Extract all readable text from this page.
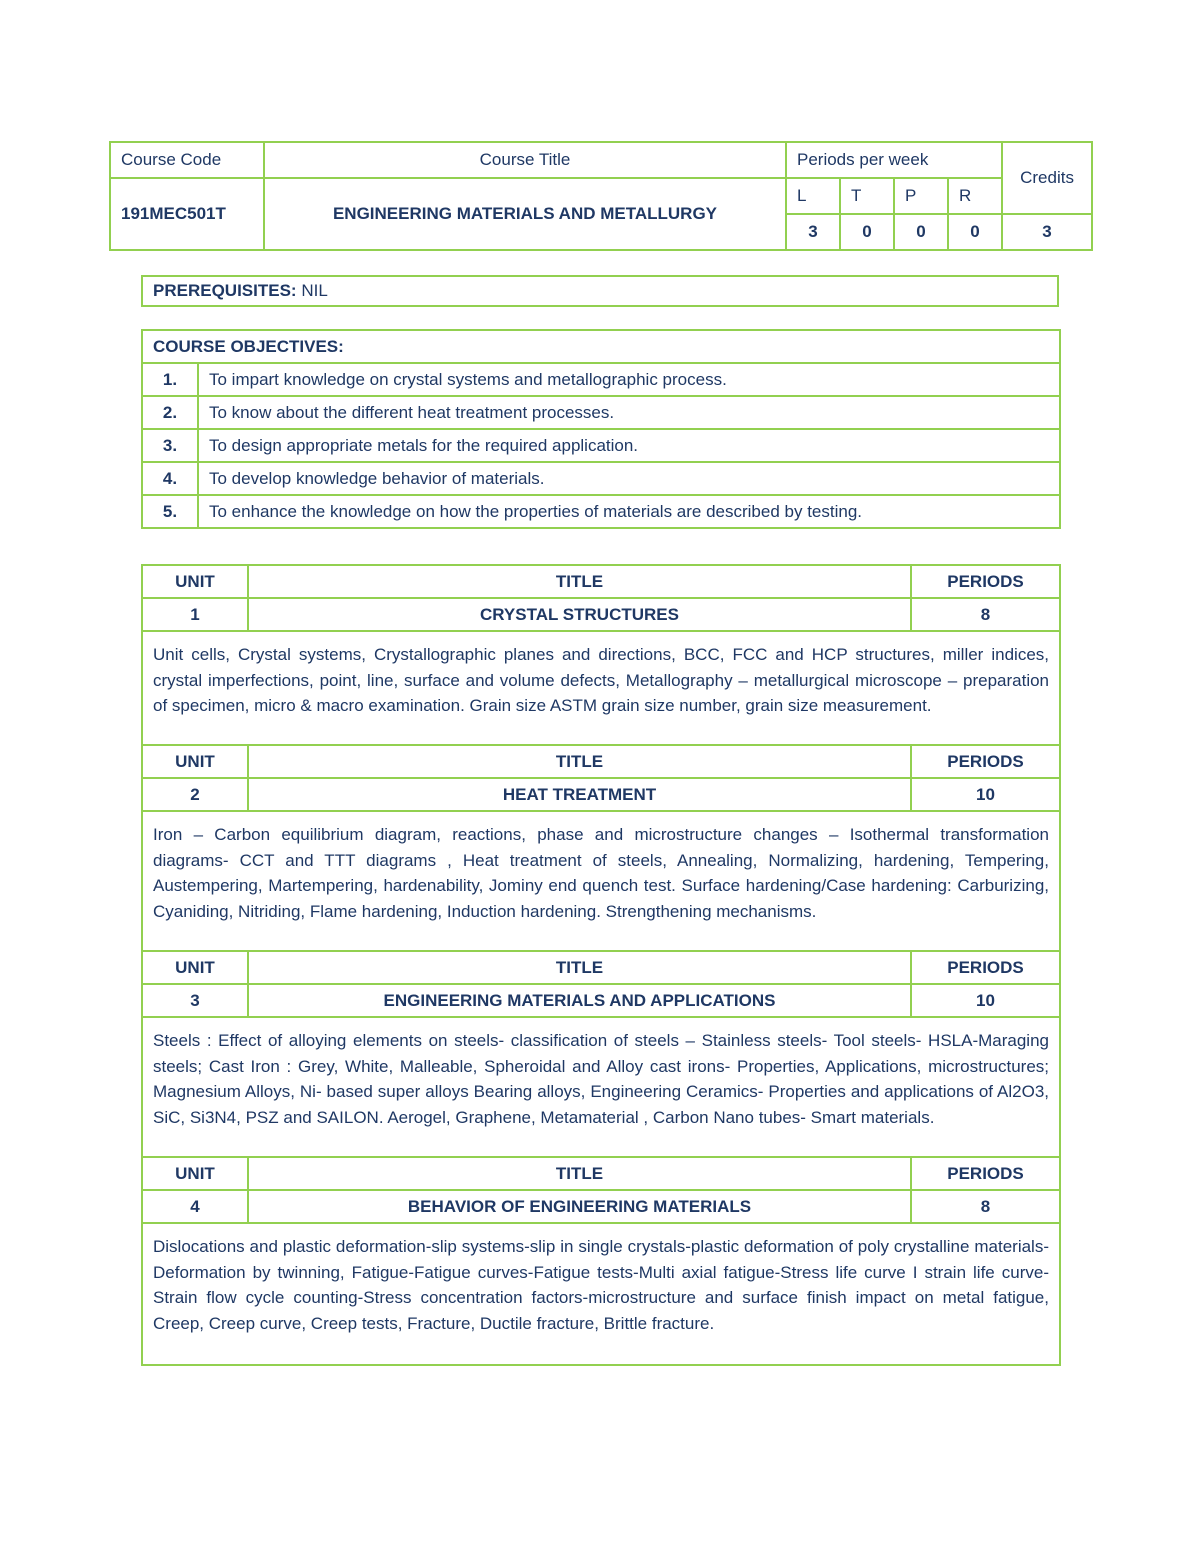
Course Code	Course Title	Periods per week				Credits
191MEC501T	ENGINEERING MATERIALS AND METALLURGY	L	T	P	R	
		3	0	0	0	3
PREREQUISITES: NIL
COURSE OBJECTIVES:	
1.	To impart knowledge on crystal systems and metallographic process.
2.	To know about the different heat treatment processes.
3.	To design appropriate metals for the required application.
4.	To develop knowledge behavior of materials.
5.	To enhance the knowledge on how the properties of materials are described by testing.
UNIT	TITLE	PERIODS
1	CRYSTAL STRUCTURES	8
Unit cells, Crystal systems, Crystallographic planes and directions, BCC, FCC and HCP structures, miller indices, crystal imperfections, point, line, surface and volume defects, Metallography – metallurgical microscope – preparation of specimen, micro & macro examination. Grain size ASTM grain size number, grain size measurement.		
UNIT	TITLE	PERIODS
2	HEAT TREATMENT	10
Iron – Carbon equilibrium diagram, reactions, phase and microstructure changes – Isothermal transformation diagrams- CCT and TTT diagrams , Heat treatment of steels, Annealing, Normalizing, hardening, Tempering, Austempering, Martempering, hardenability, Jominy end quench test. Surface hardening/Case hardening: Carburizing, Cyaniding, Nitriding, Flame hardening, Induction hardening. Strengthening mechanisms.		
UNIT	TITLE	PERIODS
3	ENGINEERING MATERIALS AND APPLICATIONS	10
Steels : Effect of alloying elements on steels- classification of steels – Stainless steels- Tool steels- HSLA-Maraging steels; Cast Iron : Grey, White, Malleable, Spheroidal and Alloy cast irons- Properties, Applications, microstructures; Magnesium Alloys, Ni- based super alloys Bearing alloys, Engineering Ceramics- Properties and applications of Al2O3, SiC, Si3N4, PSZ and SAILON. Aerogel, Graphene, Metamaterial , Carbon Nano tubes- Smart materials.		
UNIT	TITLE	PERIODS
4	BEHAVIOR OF ENGINEERING MATERIALS	8
Dislocations and plastic deformation-slip systems-slip in single crystals-plastic deformation of poly crystalline materials-Deformation by twinning, Fatigue-Fatigue curves-Fatigue tests-Multi axial fatigue-Stress life curve I strain life curve-Strain flow cycle counting-Stress concentration factors-microstructure and surface finish impact on metal fatigue, Creep, Creep curve, Creep tests, Fracture, Ductile fracture, Brittle fracture.		
